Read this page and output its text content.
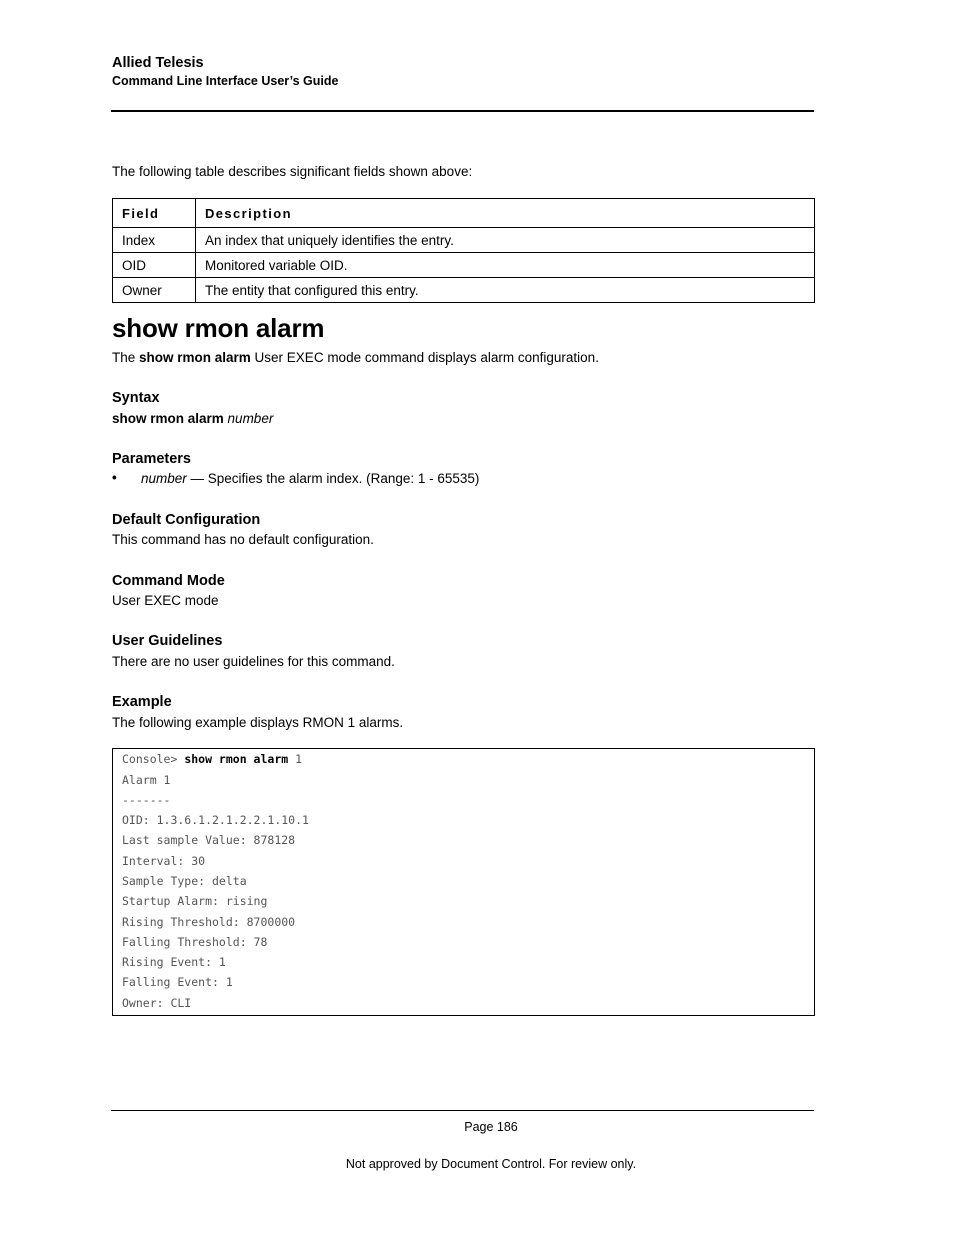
Allied Telesis
Command Line Interface User’s Guide
The following table describes significant fields shown above:
Field	Description
Index	An index that uniquely identifies the entry.
OID	Monitored variable OID.
Owner	The entity that configured this entry.
show rmon alarm
The show rmon alarm User EXEC mode command displays alarm configuration.
Syntax
show rmon alarm number
Parameters
• number — Specifies the alarm index. (Range: 1 - 65535)
Default Configuration
This command has no default configuration.
Command Mode
User EXEC mode
User Guidelines
There are no user guidelines for this command.
Example
The following example displays RMON 1 alarms.
Console> show rmon alarm 1
Alarm 1
-------
OID: 1.3.6.1.2.1.2.2.1.10.1
Last sample Value: 878128
Interval: 30
Sample Type: delta
Startup Alarm: rising
Rising Threshold: 8700000
Falling Threshold: 78
Rising Event: 1
Falling Event: 1
Owner: CLI
Page 186
Not approved by Document Control. For review only.
